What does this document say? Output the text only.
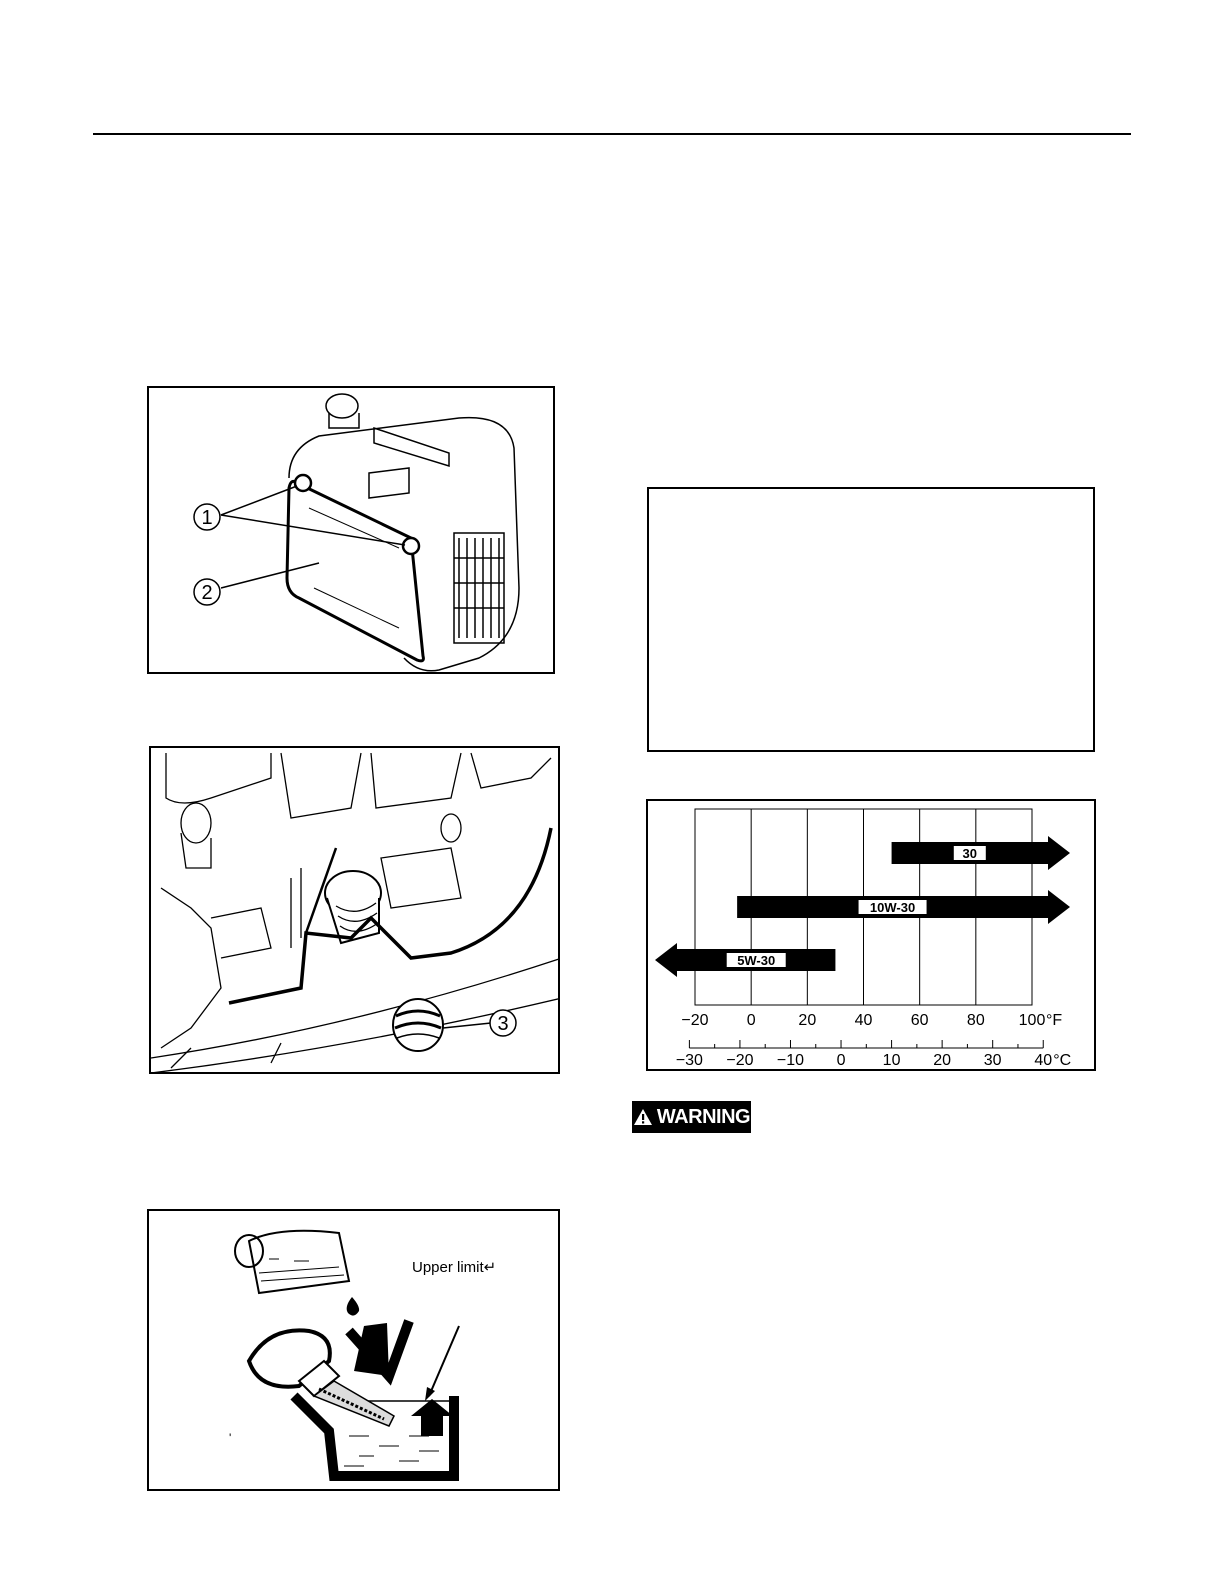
1
2
3
'
Upper limit↵
30
10W-30
5W-30
−20 0	20 40 60 80 100 °F
−30 −20 −10 0 10 20 30 40 °C
WARNING
